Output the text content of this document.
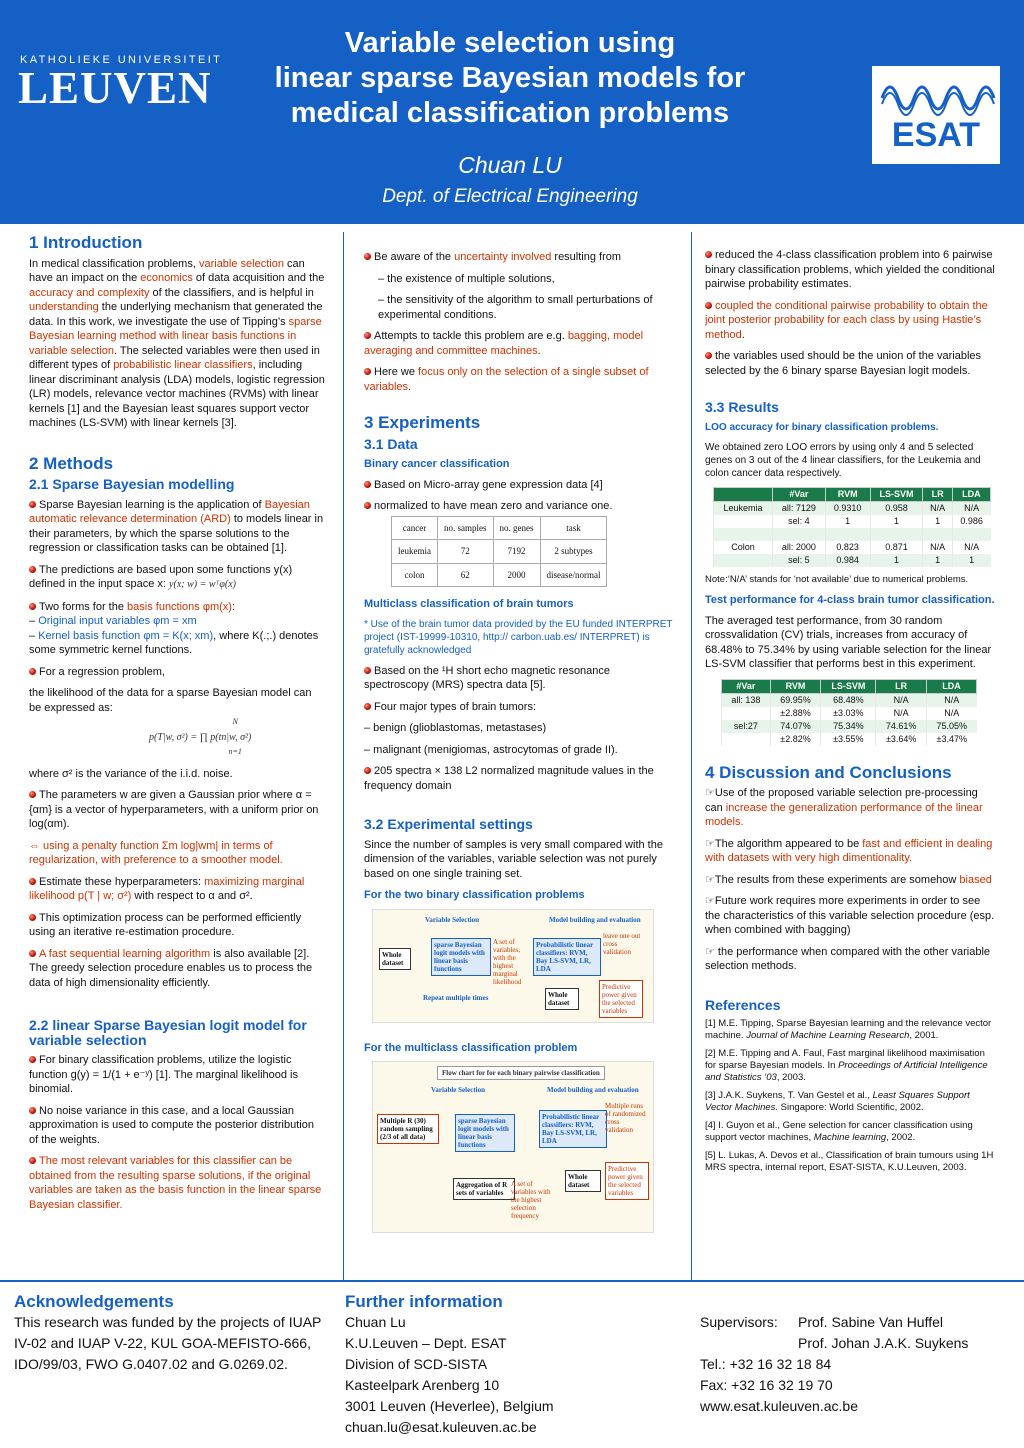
KATHOLIEKE UNIVERSITEIT
LEUVEN
Variable selection using
linear sparse Bayesian models for
medical classification problems
Chuan LU
Dept. of Electrical Engineering
ESAT
1 Introduction

In medical classification problems, variable selection can have an impact on the economics of data acquisition and the accuracy and complexity of the classifiers, and is helpful in understanding the underlying mechanism that generated the data. In this work, we investigate the use of Tipping’s sparse Bayesian learning method with linear basis functions in variable selection. The selected variables were then used in different types of probabilistic linear classifiers, including linear discriminant analysis (LDA) models, logistic regression (LR) models, relevance vector machines (RVMs) with linear kernels [1] and the Bayesian least squares support vector machines (LS-SVM) with linear kernels [3].

2 Methods
2.1 Sparse Bayesian modelling

Sparse Bayesian learning is the application of Bayesian automatic relevance determination (ARD) to models linear in their parameters, by which the sparse solutions to the regression or classification tasks can be obtained [1].

The predictions are based upon some functions y(x) defined in the input space x: y(x; w) = wᵀφ(x)

Two forms for the basis functions φm(x):
– Original input variables φm = xm
– Kernel basis function φm = K(x; xm), where K(.;.) denotes some symmetric kernel functions.

For a regression problem,

the likelihood of the data for a sparse Bayesian model can be expressed as:

N
p(T|w, σ²) = ∏ p(tn|w, σ²)
n=1

where σ² is the variance of the i.i.d. noise.

The parameters w are given a Gaussian prior where α = {αm} is a vector of hyperparameters, with a uniform prior on log(αm).

⇔ using a penalty function Σm log|wm| in terms of regularization, with preference to a smoother model.

Estimate these hyperparameters: maximizing marginal likelihood p(T | w; σ²) with respect to α and σ².

This optimization process can be performed efficiently using an iterative re-estimation procedure.

A fast sequential learning algorithm is also available [2]. The greedy selection procedure enables us to process the data of high dimensionality efficiently.

2.2 linear Sparse Bayesian logit model for variable selection

For binary classification problems, utilize the logistic function g(y) = 1/(1 + e⁻ʸ) [1]. The marginal likelihood is binomial.

No noise variance in this case, and a local Gaussian approximation is used to compute the posterior distribution of the weights.

The most relevant variables for this classifier can be obtained from the resulting sparse solutions, if the original variables are taken as the basis function in the linear sparse Bayesian classifier.

Be aware of the uncertainty involved resulting from

– the existence of multiple solutions,

– the sensitivity of the algorithm to small perturbations of experimental conditions.

Attempts to tackle this problem are e.g. bagging, model averaging and committee machines.

Here we focus only on the selection of a single subset of variables.

3 Experiments
3.1 Data
Binary cancer classification

Based on Micro-array gene expression data [4]

normalized to have mean zero and variance one.

cancer	no. samples	no. genes	task
leukemia	72	7192	2 subtypes
colon	62	2000	disease/normal
Multiclass classification of brain tumors

* Use of the brain tumor data provided by the EU funded INTERPRET project (IST-19999-10310, http:// carbon.uab.es/ INTERPRET) is gratefully acknowledged

Based on the ¹H short echo magnetic resonance spectroscopy (MRS) spectra data [5].

Four major types of brain tumors:

– benign (glioblastomas, metastases)

– malignant (menigiomas, astrocytomas of grade II).

205 spectra × 138 L2 normalized magnitude values in the frequency domain

3.2 Experimental settings

Since the number of samples is very small compared with the dimension of the variables, variable selection was not purely based on one single training set.

For the two binary classification problems
Variable Selection	Model building and evaluation
Whole dataset
sparse Bayesian logit models with linear basis functions
A set of variables, with the highest marginal likelihood
Probabilistic linear classifiers: RVM, Bay LS-SVM, LR, LDA
leave one out cross validation
Repeat multiple times	Whole dataset
Predictive power given the selected variables
For the multiclass classification problem
Flow chart for for each binary pairwise classification
Variable Selection	Model building and evaluation
Multiple R (30) random sampling (2/3 of all data)
sparse Bayesian logit models with linear basis functions
Probabilistic linear classifiers: RVM, Bay LS-SVM, LR, LDA
Multiple runs of randomized cross validation
Aggregation of R sets of variables
A set of variables with the highest selection frequency
Whole dataset
Predictive power given the selected variables

reduced the 4-class classification problem into 6 pairwise binary classification problems, which yielded the conditional pairwise probability estimates.

coupled the conditional pairwise probability to obtain the joint posterior probability for each class by using Hastie’s method.

the variables used should be the union of the variables selected by the 6 binary sparse Bayesian logit models.

3.3 Results
LOO accuracy for binary classification problems.

We obtained zero LOO errors by using only 4 and 5 selected genes on 3 out of the 4 linear classifiers, for the Leukemia and colon cancer data respectively.

	#Var	RVM	LS-SVM	LR	LDA
Leukemia	all: 7129	0.9310	0.958	N/A	N/A
	sel: 4	1	1	1	0.986

Colon	all: 2000	0.823	0.871	N/A	N/A
	sel: 5	0.984	1	1	1

Note:‘N/A’ stands for ‘not available’ due to numerical problems.

Test performance for 4-class brain tumor classification.

The averaged test performance, from 30 random crossvalidation (CV) trials, increases from accuracy of 68.48% to 75.34% by using variable selection for the linear LS-SVM classifier that performs best in this experiment.

#Var	RVM	LS-SVM	LR	LDA
all: 138	69.95%	68.48%	N/A	N/A
	±2.88%	±3.03%	N/A	N/A
sel:27	74.07%	75.34%	74.61%	75.05%
	±2.82%	±3.55%	±3.64%	±3.47%
4 Discussion and Conclusions

☞Use of the proposed variable selection pre-processing can increase the generalization performance of the linear models.

☞The algorithm appeared to be fast and efficient in dealing with datasets with very high dimentionality.

☞The results from these experiments are somehow biased

☞Future work requires more experiments in order to see the characteristics of this variable selection procedure (esp. when combined with bagging)

☞ the performance when compared with the other variable selection methods.

References
[1] M.E. Tipping, Sparse Bayesian learning and the relevance vector machine. Journal of Machine Learning Research, 2001.
[2] M.E. Tipping and A. Faul, Fast marginal likelihood maximisation for sparse Bayesian models. In Proceedings of Artificial Intelligence and Statistics ’03, 2003.
[3] J.A.K. Suykens, T. Van Gestel et al., Least Squares Support Vector Machines. Singapore: World Scientific, 2002.
[4] I. Guyon et al., Gene selection for cancer classification using support vector machines, Machine learning, 2002.
[5] L. Lukas, A. Devos et al., Classification of brain tumours using 1H MRS spectra, internal report, ESAT-SISTA, K.U.Leuven, 2003.
Acknowledgements
This research was funded by the projects of IUAP IV-02 and IUAP V-22, KUL GOA-MEFISTO-666, IDO/99/03, FWO G.0407.02 and G.0269.02.
Further information
Chuan Lu
K.U.Leuven – Dept. ESAT
Division of SCD-SISTA
Kasteelpark Arenberg 10
3001 Leuven (Heverlee), Belgium
chuan.lu@esat.kuleuven.ac.be
Supervisors: Prof. Sabine Van Huffel
Prof. Johan J.A.K. Suykens
Tel.: +32 16 32 18 84
Fax: +32 16 32 19 70
www.esat.kuleuven.ac.be
